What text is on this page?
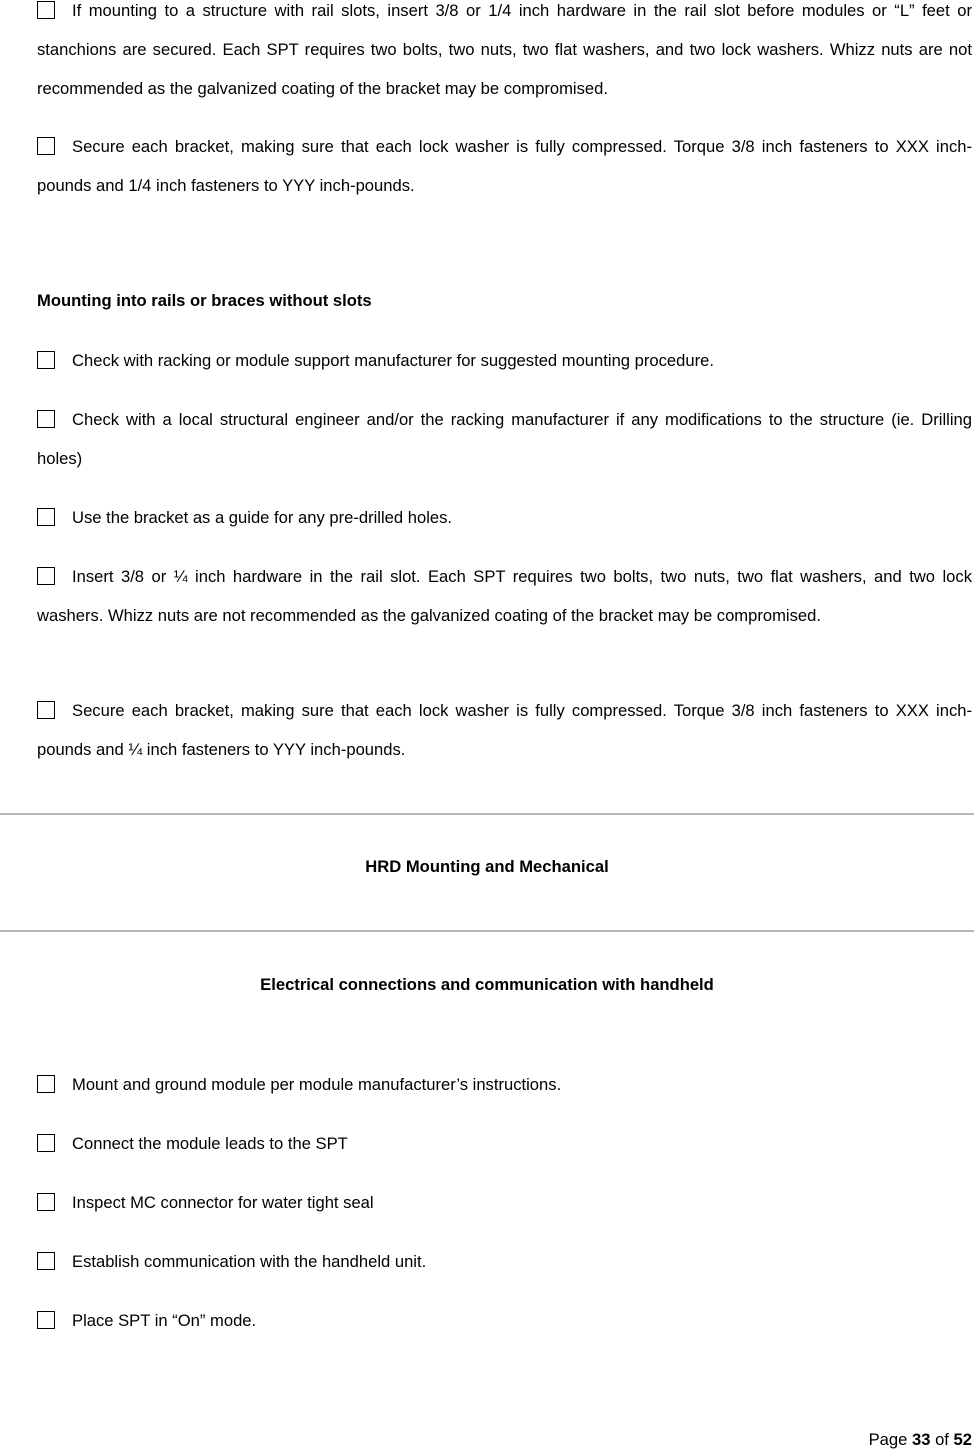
If mounting to a structure with rail slots, insert 3/8 or 1/4 inch hardware in the rail slot before modules or “L” feet or stanchions are secured. Each SPT requires two bolts, two nuts, two flat washers, and two lock washers. Whizz nuts are not recommended as the galvanized coating of the bracket may be compromised.

Secure each bracket, making sure that each lock washer is fully compressed. Torque 3/8 inch fasteners to XXX inch-pounds and 1/4 inch fasteners to YYY inch-pounds.

Mounting into rails or braces without slots

Check with racking or module support manufacturer for suggested mounting procedure.

Check with a local structural engineer and/or the racking manufacturer if any modifications to the structure (ie. Drilling holes)

Use the bracket as a guide for any pre-drilled holes.

Insert 3/8 or ¼ inch hardware in the rail slot. Each SPT requires two bolts, two nuts, two flat washers, and two lock washers. Whizz nuts are not recommended as the galvanized coating of the bracket may be compromised.

Secure each bracket, making sure that each lock washer is fully compressed. Torque 3/8 inch fasteners to XXX inch-pounds and ¼ inch fasteners to YYY inch-pounds.

HRD Mounting and Mechanical
Electrical connections and communication with handheld

Mount and ground module per module manufacturer’s instructions.

Connect the module leads to the SPT

Inspect MC connector for water tight seal

Establish communication with the handheld unit.

Place SPT in “On” mode.

Page 33 of 52
